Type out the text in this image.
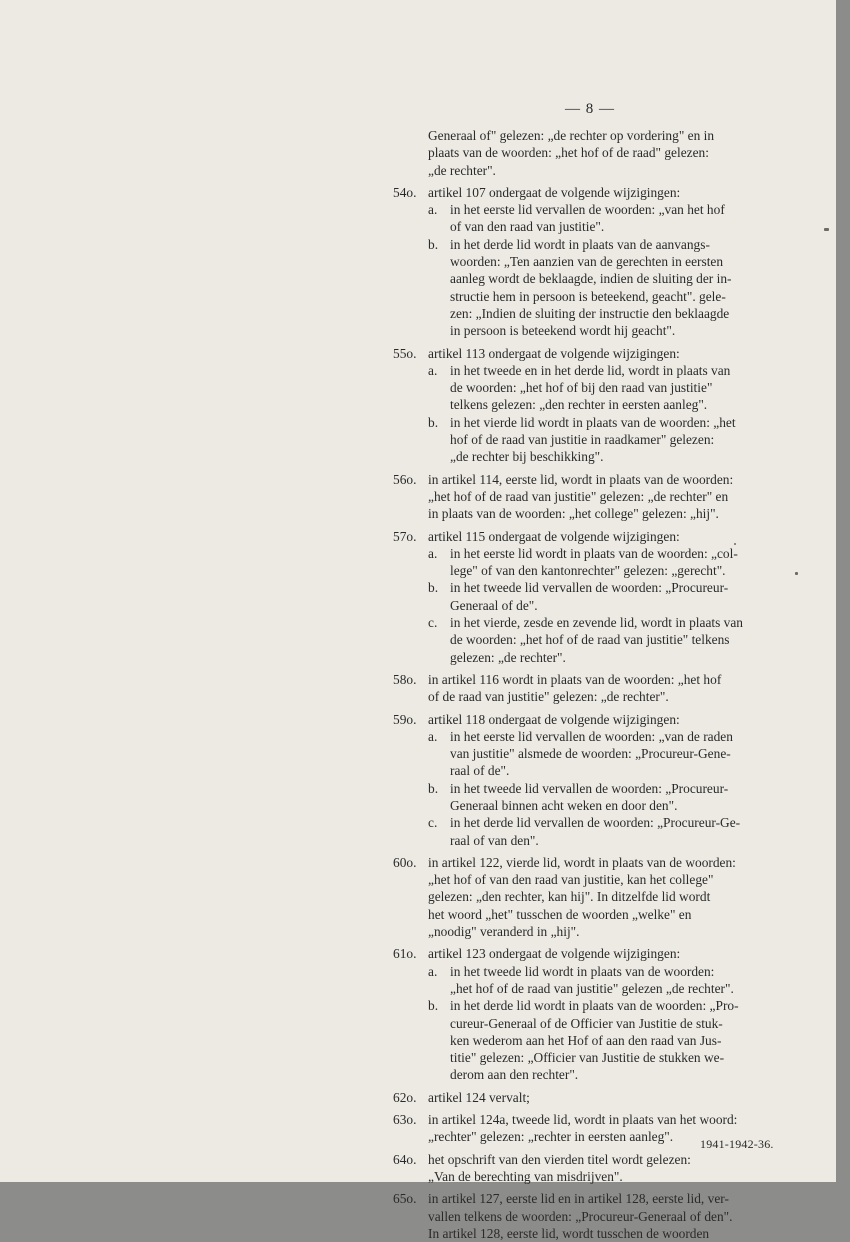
— 8 —
Generaal of" gelezen: „de rechter op vordering" en in
plaats van de woorden: „het hof of de raad" gelezen:
„de rechter".
54o. artikel 107 ondergaat de volgende wijzigingen:
a. in het eerste lid vervallen de woorden: „van het hof
of van den raad van justitie".
b. in het derde lid wordt in plaats van de aanvangs-
woorden: „Ten aanzien van de gerechten in eersten
aanleg wordt de beklaagde, indien de sluiting der in-
structie hem in persoon is beteekend, geacht". gele-
zen: „Indien de sluiting der instructie den beklaagde
in persoon is beteekend wordt hij geacht".
55o. artikel 113 ondergaat de volgende wijzigingen:
a. in het tweede en in het derde lid, wordt in plaats van
de woorden: „het hof of bij den raad van justitie"
telkens gelezen: „den rechter in eersten aanleg".
b. in het vierde lid wordt in plaats van de woorden: „het
hof of de raad van justitie in raadkamer" gelezen:
„de rechter bij beschikking".
56o. in artikel 114, eerste lid, wordt in plaats van de woorden:
„het hof of de raad van justitie" gelezen: „de rechter" en
in plaats van de woorden: „het college" gelezen: „hij".
57o. artikel 115 ondergaat de volgende wijzigingen:
a. in het eerste lid wordt in plaats van de woorden: „col-
lege" of van den kantonrechter" gelezen: „gerecht".
b. in het tweede lid vervallen de woorden: „Procureur-
Generaal of de".
c. in het vierde, zesde en zevende lid, wordt in plaats van
de woorden: „het hof of de raad van justitie" telkens
gelezen: „de rechter".
58o. in artikel 116 wordt in plaats van de woorden: „het hof
of de raad van justitie" gelezen: „de rechter".
59o. artikel 118 ondergaat de volgende wijzigingen:
a. in het eerste lid vervallen de woorden: „van de raden
van justitie" alsmede de woorden: „Procureur-Gene-
raal of de".
b. in het tweede lid vervallen de woorden: „Procureur-
Generaal binnen acht weken en door den".
c. in het derde lid vervallen de woorden: „Procureur-Ge-
raal of van den".
60o. in artikel 122, vierde lid, wordt in plaats van de woorden:
„het hof of van den raad van justitie, kan het college"
gelezen: „den rechter, kan hij". In ditzelfde lid wordt
het woord „het" tusschen de woorden „welke" en
„noodig" veranderd in „hij".
61o. artikel 123 ondergaat de volgende wijzigingen:
a. in het tweede lid wordt in plaats van de woorden:
„het hof of de raad van justitie" gelezen „de rechter".
b. in het derde lid wordt in plaats van de woorden: „Pro-
cureur-Generaal of de Officier van Justitie de stuk-
ken wederom aan het Hof of aan den raad van Jus-
titie" gelezen: „Officier van Justitie de stukken we-
derom aan den rechter".
62o. artikel 124 vervalt;
63o. in artikel 124a, tweede lid, wordt in plaats van het woord:
„rechter" gelezen: „rechter in eersten aanleg".
64o. het opschrift van den vierden titel wordt gelezen:
„Van de berechting van misdrijven".
65o. in artikel 127, eerste lid en in artikel 128, eerste lid, ver-
vallen telkens de woorden: „Procureur-Generaal of den".
In artikel 128, eerste lid, wordt tusschen de woorden
1941-1942-36.
